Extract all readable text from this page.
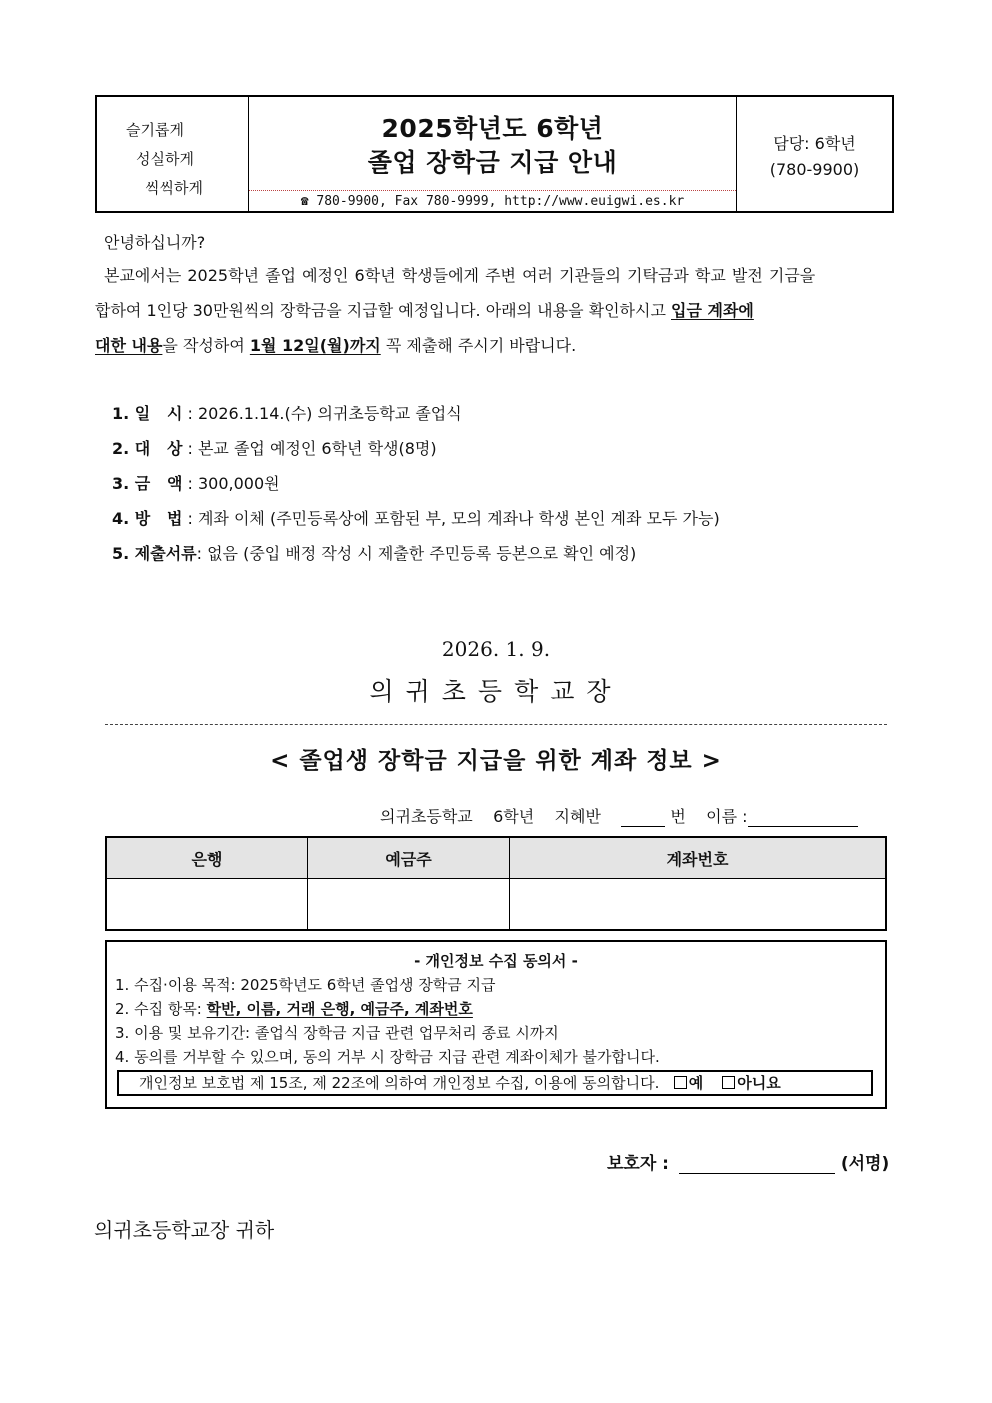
슬기롭게
성실하게
씩씩하게
2025학년도 6학년
졸업 장학금 지급 안내
☎ 780-9900, Fax 780-9999, http://www.euigwi.es.kr
담당: 6학년
(780-9900)

안녕하십니까?

본교에서는 2025학년 졸업 예정인 6학년 학생들에게 주변 여러 기관들의 기탁금과 학교 발전 기금을

합하여 1인당 30만원씩의 장학금을 지급할 예정입니다. 아래의 내용을 확인하시고 입금 계좌에

대한 내용을 작성하여 1월 12일(월)까지 꼭 제출해 주시기 바랍니다.

1. 일   시 : 2026.1.14.(수) 의귀초등학교 졸업식
2. 대   상 : 본교 졸업 예정인 6학년 학생(8명)
3. 금   액 : 300,000원
4. 방   법 : 계좌 이체 (주민등록상에 포함된 부, 모의 계좌나 학생 본인 계좌 모두 가능)
5. 제출서류: 없음 (중입 배정 작성 시 제출한 주민등록 등본으로 확인 예정)
2026. 1. 9.
의귀초등학교장
< 졸업생 장학금 지급을 위한 계좌 정보 >
의귀초등학교 6학년 지혜반	번 이름 :
은행	예금주	계좌번호

- 개인정보 수집 동의서 -
1. 수집·이용 목적: 2025학년도 6학년 졸업생 장학금 지급
2. 수집 항목: 학반, 이름, 거래 은행, 예금주, 계좌번호
3. 이용 및 보유기간: 졸업식 장학금 지급 관련 업무처리 종료 시까지
4. 동의를 거부할 수 있으며, 동의 거부 시 장학금 지급 관련 계좌이체가 불가합니다.
개인정보 보호법 제 15조, 제 22조에 의하여 개인정보 수집, 이용에 동의합니다. 예 아니요
보호자 :	(서명)
의귀초등학교장 귀하
